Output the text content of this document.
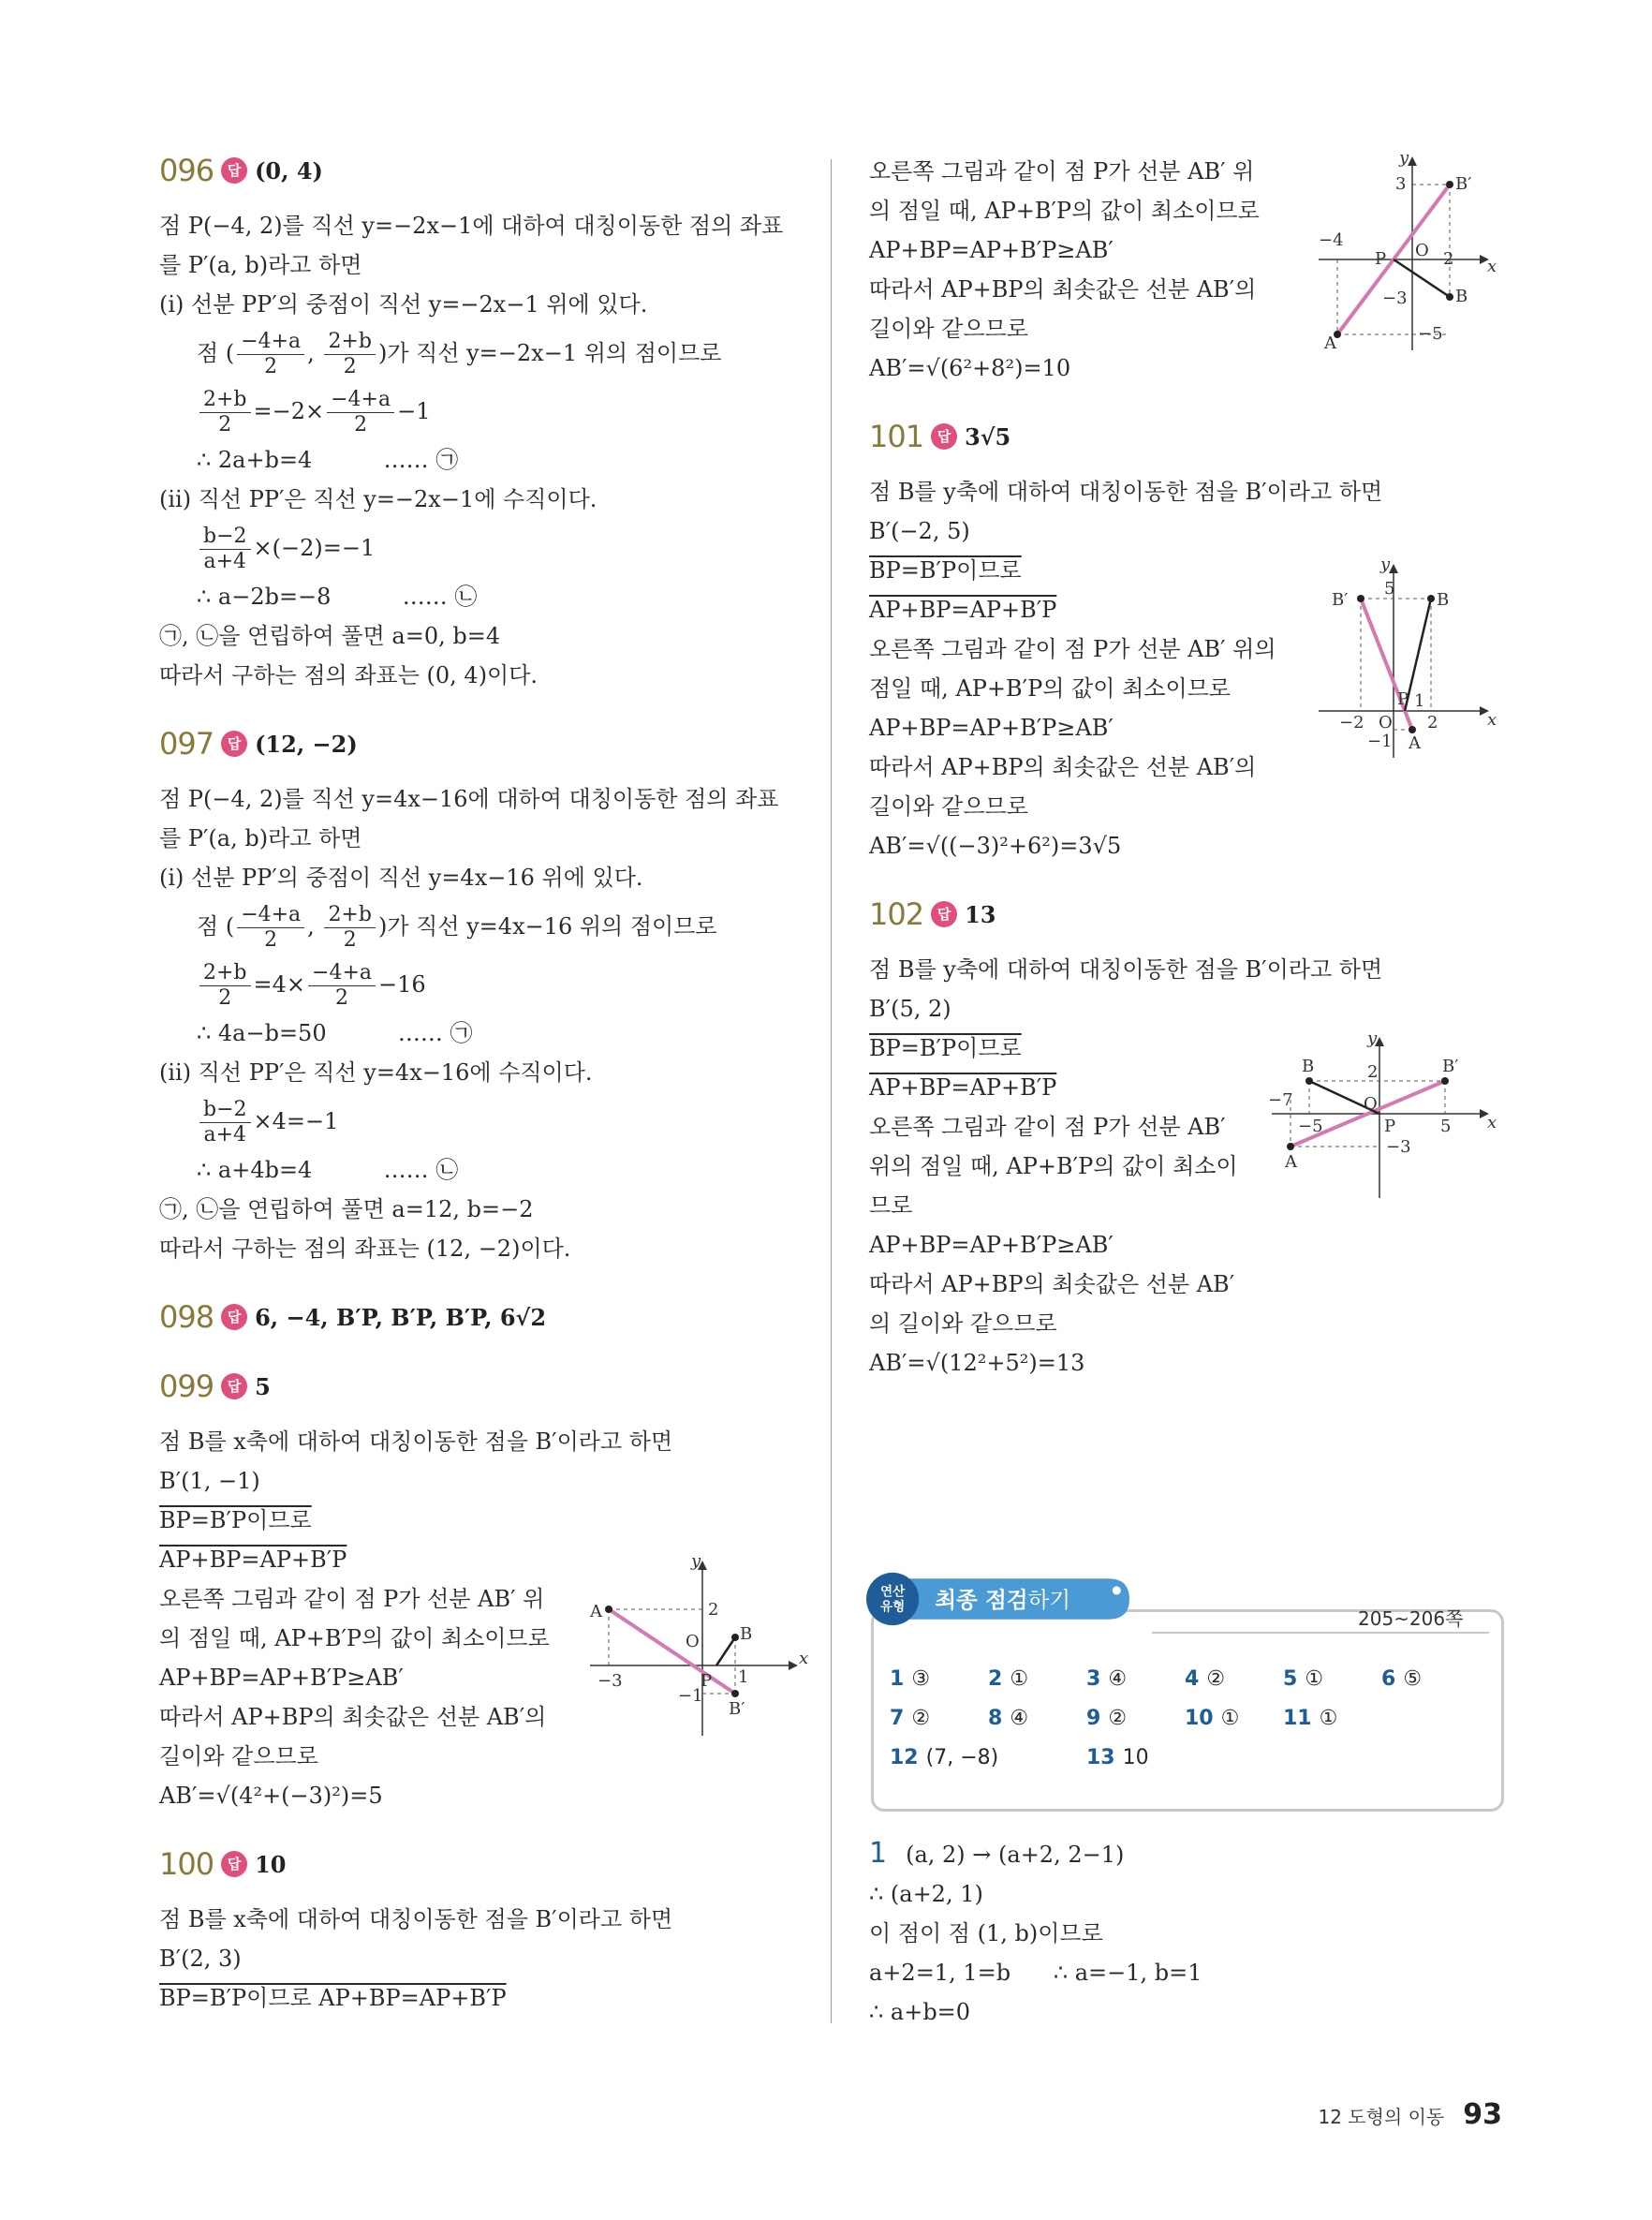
096 답 (0, 4)
점 P(−4, 2)를 직선 y=−2x−1에 대하여 대칭이동한 점의 좌표
를 P′(a, b)라고 하면
(ⅰ) 선분 PP′의 중점이 직선 y=−2x−1 위에 있다.
점 ( $\frac{-4+a}{2}$ , $\frac{2+b}{2}$ )가 직선 y=−2x−1 위의 점이므로
$\frac{2+b}{2} =-2\times \frac{-4+a}{2} -1$
∴ 2a+b=4          …… ㉠
(ⅱ) 직선 PP′은 직선 y=−2x−1에 수직이다.
$\frac{b-2}{a+4} \times(-2)=-1$
∴ a−2b=−8          …… ㉡
㉠, ㉡을 연립하여 풀면 a=0, b=4
따라서 구하는 점의 좌표는 (0, 4)이다.
097 답 (12, −2)
점 P(−4, 2)를 직선 y=4x−16에 대하여 대칭이동한 점의 좌표
를 P′(a, b)라고 하면
(ⅰ) 선분 PP′의 중점이 직선 y=4x−16 위에 있다.
점 ( $\frac{-4+a}{2}$ , $\frac{2+b}{2}$ )가 직선 y=4x−16 위의 점이므로
$\frac{2+b}{2} =4\times \frac{-4+a}{2} -16$
∴ 4a−b=50          …… ㉠
(ⅱ) 직선 PP′은 직선 y=4x−16에 수직이다.
$\frac{b-2}{a+4} \times 4=-1$
∴ a+4b=4          …… ㉡
㉠, ㉡을 연립하여 풀면 a=12, b=−2
따라서 구하는 점의 좌표는 (12, −2)이다.
098 답 6, −4, B′P, B′P, B′P, 6√2
099 답 5
점 B를 x축에 대하여 대칭이동한 점을 B′이라고 하면
B′(1, −1)
BP=B′P이므로
AP+BP=AP+B′P
오른쪽 그림과 같이 점 P가 선분 AB′ 위
의 점일 때, AP+B′P의 값이 최소이므로
AP+BP=AP+B′P≥AB′
따라서 AP+BP의 최솟값은 선분 AB′의
길이와 같으므로
AB′=√(4²+(−3)²)=5
x
y
A
B
B′
O
P
2
−3	1
−1
100 답 10
점 B를 x축에 대하여 대칭이동한 점을 B′이라고 하면
B′(2, 3)
BP=B′P이므로 AP+BP=AP+B′P
오른쪽 그림과 같이 점 P가 선분 AB′ 위
의 점일 때, AP+B′P의 값이 최소이므로
AP+BP=AP+B′P≥AB′
따라서 AP+BP의 최솟값은 선분 AB′의
길이와 같으므로
AB′=√(6²+8²)=10
x
y
A
B
B′
O
P
3
−4
2
−3
−5
101 답 3√5
점 B를 y축에 대하여 대칭이동한 점을 B′이라고 하면
B′(−2, 5)
BP=B′P이므로
AP+BP=AP+B′P
오른쪽 그림과 같이 점 P가 선분 AB′ 위의
점일 때, AP+B′P의 값이 최소이므로
AP+BP=AP+B′P≥AB′
따라서 AP+BP의 최솟값은 선분 AB′의
길이와 같으므로
AB′=√((−3)²+6²)=3√5
x
y
A
B
B′
O
P
5
−2	2
1
−1
102 답 13
점 B를 y축에 대하여 대칭이동한 점을 B′이라고 하면
B′(5, 2)
BP=B′P이므로
AP+BP=AP+B′P
오른쪽 그림과 같이 점 P가 선분 AB′
위의 점일 때, AP+B′P의 값이 최소이
므로
AP+BP=AP+B′P≥AB′
따라서 AP+BP의 최솟값은 선분 AB′
의 길이와 같으므로
AB′=√(12²+5²)=13
x
y
A
B	B′
O
P
2
−7
−5	5
−3
연산
유형 최종 점검하기
205~206쪽
1 ③	2 ①	3 ④	4 ②	5 ①	6 ⑤
7 ②	8 ④	9 ②	10 ① 11 ①
12 (7, −8)	13 10
1 (a, 2) → (a+2, 2−1)
∴ (a+2, 1)
이 점이 점 (1, b)이므로
a+2=1, 1=b      ∴ a=−1, b=1
∴ a+b=0
12 도형의 이동 93
